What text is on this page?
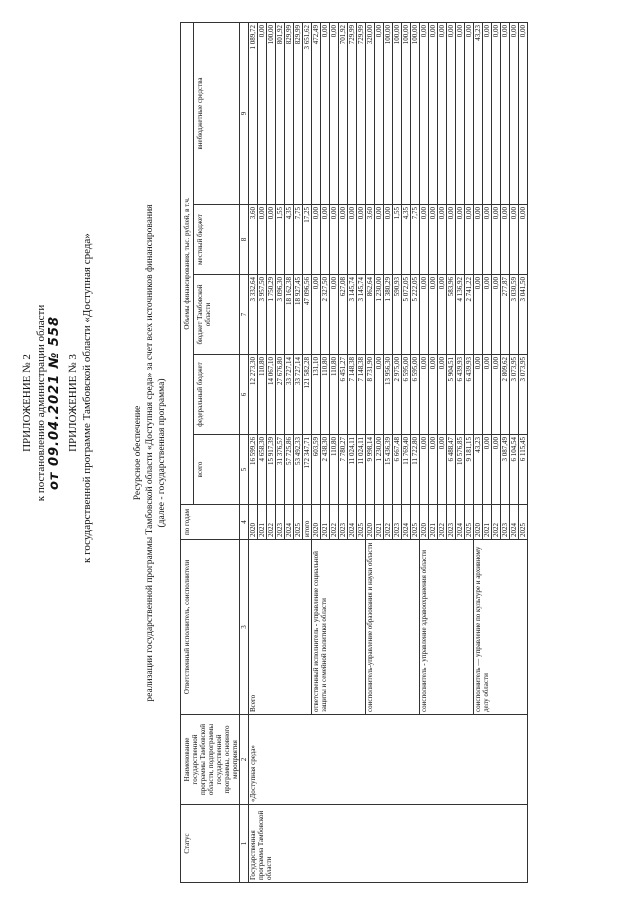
ПРИЛОЖЕНИЕ № 2 к постановлению администрации области от 09.04.2021 № 558 ПРИЛОЖЕНИЕ № 3 к государственной программе Тамбовской области «Доступная среда»	Ресурсное обеспечение реализации государственной программы Тамбовской области «Доступная среда» за счет всех источников финансирования (далее - государственная программа)
Статус	Наименование государственной программы Тамбовской области, подпрограммы государственной программы, основного мероприятия	Ответственный исполнитель, соисполнители	по годам	Объемы финансирования, тыс. рублей, в т.ч.				
				всего	федеральный бюджет	бюджет Тамбовской области	местный бюджет	внебюджетные средства
1	2	3	4	5	6	7	8	9
Государственная программа Тамбовской области	«Доступная среда»	Всего	2020	16 599,26	12 273,30	3 332,64	3,60	1 089,72
			2021	4 658,30	110,80	3 957,50	0,00	0,00
			2022	15 917,39	14 067,10	1 750,29	0,00	100,00
			2023	31 376,57	27 676,80	3 096,30	1,55	801,92
			2024	57 725,86	33 727,14	18 162,38	4,35	829,99
			2025	53 492,33	33 727,14	18 927,45	7,75	829,99
			итого	172 347,71	121 582,28	47 096,56	17,25	3 651,62
		ответственный исполнитель - управление социальной защиты и семейной политики области	2020	603,59	131,10	0,00	0,00	472,49
			2021	2 438,30	110,80	2 327,50	0,00	0,00
			2022	110,80	110,80	0,00	0,00	0,00
			2023	7 780,27	6 451,27	627,08	0,00	701,92
			2024	11 024,11	7 148,38	3 145,74	0,00	729,99
			2025	11 024,11	7 148,38	3 145,74	0,00	729,99
		соисполнитель-управление образования и науки области	2020	9 998,14	8 731,90	862,64	3,60	320,00
			2021	1 230,00	0,00	1 230,00	0,00	0,00
			2022	15 436,39	13 956,30	1 380,29	0,00	100,00
			2023	6 667,48	2 975,00	590,93	1,55	100,00
			2024	11 769,40	6 595,00	5 072,05	4,35	100,00
			2025	11 722,80	6 595,00	5 222,05	7,75	100,00
		соисполнитель - управление здравоохранения области	2020	0,00	0,00	0,00	0,00	0,00
			2021	0,00	0,00	0,00	0,00	0,00
			2022	0,00	0,00	0,00	0,00	0,00
			2023	6 488,47	5 904,51	583,96	0,00	0,00
			2024	10 576,85	6 439,93	4 136,92	0,00	0,00
			2025	9 181,15	6 439,93	2 741,22	0,00	0,00
		соисполнитель — управление по культуре и архивному делу области	2020	43,23	0,00	0,00	0,00	43,23
			2021	0,00	0,00	0,00	0,00	0,00
			2022	0,00	0,00	0,00	0,00	0,00
			2023	3 087,49	2 809,62	277,87	0,00	0,00
			2024	6 104,54	3 073,95	3 030,59	0,00	0,00
			2025	6 115,45	3 073,95	3 041,50	0,00	0,00
